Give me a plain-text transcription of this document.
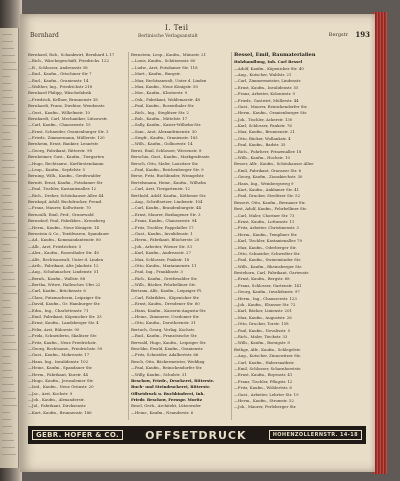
Bernhard
I. Teil
Berlinische Verlagsanstalt	Bergstr 193
Bernhard, Rob., Schankwirt, Bernhard L 17
—Rich., Wäschegeschäft, Friedrichs. 122
—R., Schlosser, Andreasstr 38
—Rud., Kaufm., Gitschiner Str 7
—Rud., Kaufm., Oranienstr. 14
—Walther, Ing., Friedrichstr 218
Bernhard Philipp, Wäschefabrik
—Friedrich, Kellner, Brunnenstr 38
Bernhardi, Franz, Direktor, Wendenstr.
—Gust., Kaufm., Wilhelmstr. 10
Bernhardt, Carl, Mechaniker, Lützowstr.
—Carl, Kaufm., Chausseestr. 15
—Ernst, Schneider, Oranienburger Str. 3
—Friedr., Zimmermann, Müllerstr. 120
Bernheim, Ernst, Bankier, Lennéstr.
—Georg, Fabrikant, Ritterstr. 98
Bernheimer, Gust., Kaufm., Tiergarten
—Hugo, Rechtsanw., Kurfürstendamm
—Leop., Kaufm., Seydelstr. 5
Berning, Wilh., Kaufm., Greifswalder
Bernitt, Ernst, Kaufm., Potsdamer Str
—Paul, Tischler, Kastanienallee 12
—Rich., Dreher, Schönhauser Allee 44
Bernkopf, Adolf, Buchdrucker, Prenzl.
—Franz, Maurer, Kollwitzstr. 70
Bernoulli, Emil, Prof., Grunewald
Bernsdorf, Paul, Fabrikbes., Kreuzberg
—Herm., Kaufm., Neue Königstr. 14
Bernstein & Co., Textilwaren, Spandauer
—Ad., Kaufm., Kommandantenstr. 80
—Alb., Arzt, Friedrichstr. 5
—Alex., Kaufm., Rosenthaler Str. 40
—Alfr., Rechtsanwalt, Unter d. Linden
—Arth., Fabrikant, Alte Jakobstr. 12
—Aug., Schuhmacher, Lindenstr. 51
—Bernh., Kaufm., Wallstr. 88
—Bertha, Witwe, Hallesches Ufer 22
—Carl, Kaufm., Brückenstr. 6
—Clara, Putzmacherin, Leipziger Str.
—David, Kaufm., Gr. Hamburger Str.
—Edm., Ing., Charlottenstr. 71
—Emil, Fabrikant, Köpenicker Str. 33
—Ernst, Kaufm., Landsberger Str. 4
—Felix, Arzt, Bülowstr. 90
—Frida, Schneiderin, Skalitzer Str.
—Fritz, Kaufm., Neue Friedrichstr.
—Georg, Rechtsanw., Friedrichstr. 59
—Gust., Kaufm., Mohrenstr. 17
—Hans, Ing., Invalidenstr. 102
—Heinr., Kaufm., Spandauer Str.
—Herm., Fabrikant, Kurstr. 44
—Hugo, Kaufm., Jerusalemer Str.
—Isid., Kaufm., Neue Grünstr. 20
—Jac., Arzt, Kochstr. 9
—Joh., Kaufm., Alexanderstr.
—Jul., Fabrikant, Dircksenstr.
—Kurt, Kaufm., Brunnenstr. 186
Bernstein, Leop., Kaufm., Münzstr. 21
—Louis, Kaufm., Schützenstr. 60
—Ludw., Arzt, Potsdamer Str. 118
—Mart., Kaufm., Burgstr.
—Max, Rechtsanwalt, Unter d. Linden
—Max, Kaufm., Neue Königstr. 50
—Mor., Kaufm., Klosterstr. 9
—Osk., Fabrikant, Waldemarstr. 48
—Paul, Kaufm., Rosenthaler Str.
—Rich., Ing., Steglitzer Str. 2
—Rob., Kaufm., Mittelstr. 17
—Sally, Kaufm., Kaiser-Wilhelm-Str.
—Sam., Arzt, Alexandrinenstr. 30
—Siegfr., Kaufm., Oranienstr. 183
—Wilh., Kaufm., Gollnowstr. 14
Bernt, Emil, Schlosser, Wiesenstr. 8
Berschin, Gust., Kaufm., Markgrafenstr.
Bersch, Otto, Maler, Lausitzer Str.
—Paul, Kaufm., Reichenberger Str. 9
Berse, Fritz, Buchbinder, Wrangelstr.
Bertelsmann, Heinr., Kaufm., Wilhelm
—Carl, Arzt, Tiergartenstr. 12
Berthold, Adolf, Kaufm., Köthener Str.
—Aug., Schriftsetzer, Lindenstr. 104
—Carl, Kaufm., Brandenburgstr. 44
—Ernst, Maurer, Boxhagener Str. 3
—Franz, Kaufm., Chausseestr. 94
—Fritz, Tischler, Pappelallee 17
—Gust., Kaufm., Invalidenstr. 1
—Herm., Fabrikant, Blücherstr. 20
—Joh., Arbeiter, Wiener Str. 53
—Karl, Kaufm., Andreasstr. 27
—Max, Schlosser, Pankstr. 18
—Otto, Kaufm., Mariannenstr. 11
—Paul, Ing., Franklinstr. 3
—Rich., Kaufm., Greifswalder Str.
—Wilh., Bäcker, Fehrbelliner Str.
Bertram, Alfr., Kaufm., Leipziger Pl.
—Carl, Fabrikbes., Köpenicker Str.
—Ernst, Kaufm., Dresdener Str. 80
—Hans, Kaufm., Kaiserin-Augusta-Str.
—Heinr., Zimmerer, Usedomer Str.
—Otto, Kaufm., Dorotheenstr. 31
Bertuch, Georg, Verlag, Kochstr.
—Rud., Kaufm., Französische Str.
Berwald, Hugo, Kaufm., Leipziger Str.
Beschke, Ewald, Kaufm., Oranienstr.
—Fritz, Schneider, Adalbertstr. 66
Besch, Otto, Bäckermeister, Wedding
—Paul, Kaufm., Reinickendorfer Str.
—Willy, Kaufm., Schulstr. 31
Beschow, Friedr., Druckerei, Ritterstr.
Buch- und Steindruckerei, Ritterstr.
Offsetdruck u. Buchbinderei, Inh.
Friedr. Beschow, Fernspr. Moritz
Besel, Gerh., Architekt, Lützowufer
—Heinr., Kaufm., Neanderstr. 6
Bessel, Emil, Baumaterialien
Holzhandlung, Inh. Carl Bessel
—Adolf, Kaufm., Köpenicker Str. 40
—Aug., Kutscher, Waldstr. 21
—Carl, Zimmermeister, Lindenstr.
—Ernst, Kaufm., Invalidenstr. 55
—Franz, Arbeiter, Koloniestr. 9
—Friedr., Gastwirt, Müllerstr. 44
—Gust., Maurer, Reinickendorfer Str.
—Herm., Kaufm., Oranienburger Str.
—Joh., Tischler, Ackerstr. 130
—Karl, Schlosser, Pankstr. 76
—Max, Kaufm., Brunnenstr. 21
—Otto, Bäcker, Wollankstr. 4
—Paul, Kaufm., Badstr. 35
—Rich., Fuhrherr, Prinzenallee 18
—Wilh., Kaufm., Hochstr. 10
Besser, Alfr., Kaufm., Schönhauser Allee
—Emil, Fabrikant, Granseer Str. 6
—Georg, Kaufm., Zionskirchstr. 30
—Hans, Ing., Weinbergsweg 9
—Kurt, Kaufm., Anklamer Str. 41
—Paul, Drucker, Strelitzer Str. 52
Bessert, Otto, Kaufm., Bernauer Str.
Best, Adolf, Kaufm., Fehrbelliner Str.
—Carl, Maler, Choriner Str. 73
—Ernst, Kaufm., Lottumstr. 11
—Fritz, Arbeiter, Christinenstr. 3
—Herm., Kaufm., Templiner Str.
—Karl, Tischler, Kastanienallee 79
—Max, Kaufm., Oderberger Str.
—Otto, Schneider, Schwedter Str.
—Paul, Kaufm., Swinemünder Str.
—Wilh., Kaufm., Rheinsberger Str.
Bestehorn, Carl, Fabrikant, Gartenstr.
—Ernst, Kaufm., Bergstr. 68
—Franz, Schlosser, Gartenstr. 141
—Georg, Kaufm., Invalidenstr. 97
—Herm., Ing., Chausseestr. 123
—Joh., Kaufm., Elsasser Str. 72
—Karl, Bäcker, Linienstr. 201
—Max, Kaufm., Auguststr. 26
—Otto, Drucker, Torstr. 158
—Paul, Kaufm., Novalisstr. 5
—Rich., Maler, Tieckstr. 33
—Wilh., Kaufm., Borsigstr. 8
Bethge, Alfr., Kaufm., Schlegelstr.
—Aug., Kutscher, Zinnowitzer Str.
—Carl, Kaufm., Habersaathstr.
—Emil, Schlosser, Scharnhorststr.
—Ernst, Kaufm., Boyenstr. 41
—Franz, Tischler, Pflugstr. 12
—Fritz, Kaufm., Wöhlertstr. 6
—Gust., Arbeiter, Lehrter Str. 19
—Herm., Kaufm., Stromstr. 52
—Joh., Maurer, Perleberger Str.
GEBR. HOFER & CO.	OFFSETDRUCK	HOHENZOLLERNSTR. 14-18
